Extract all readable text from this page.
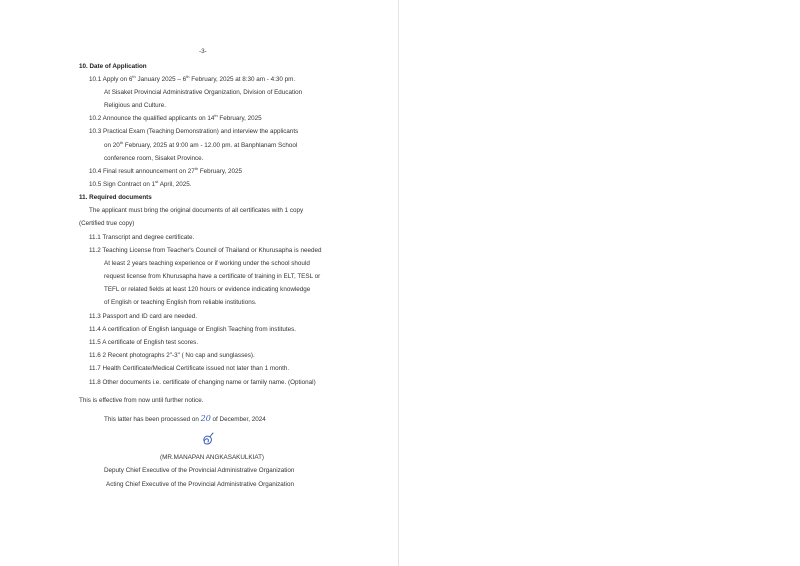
-3-
10. Date of Application
10.1 Apply on 6th January 2025 – 6th February, 2025 at 8:30 am - 4:30 pm.
At Sisaket Provincial Administrative Organization, Division of Education
Religious and Culture.
10.2 Announce the qualified applicants on 14th February, 2025
10.3 Practical Exam (Teaching Demonstration) and interview the applicants
on 20th February, 2025 at 9:00 am - 12.00 pm. at Banphlanam School
conference room, Sisaket Province.
10.4 Final result announcement on 27th February, 2025
10.5 Sign Contract on 1st April, 2025.
11. Required documents
The applicant must bring the original documents of all certificates with 1 copy
(Certified true copy)
11.1 Transcript and degree certificate.
11.2 Teaching License from Teacher's Council of Thailand or Khurusapha is needed
At least 2 years teaching experience or if working under the school should
request license from Khurusapha have a certificate of training in ELT, TESL or
TEFL or related fields at least 120 hours or evidence indicating knowledge
of English or teaching English from reliable institutions.
11.3 Passport and ID card are needed.
11.4 A certification of English language or English Teaching from institutes.
11.5 A certificate of English test scores.
11.6 2 Recent photographs 2"-3" ( No cap and sunglasses).
11.7 Health Certificate/Medical Certificate issued not later than 1 month.
11.8 Other documents i.e. certificate of changing name or family name. (Optional)
This is effective from now until further notice.
This latter has been processed on 20 of December, 2024
(MR.MANAPAN ANGKASAKULKIAT)
Deputy Chief Executive of the Provincial Administrative Organization
Acting Chief Executive of the Provincial Administrative Organization
